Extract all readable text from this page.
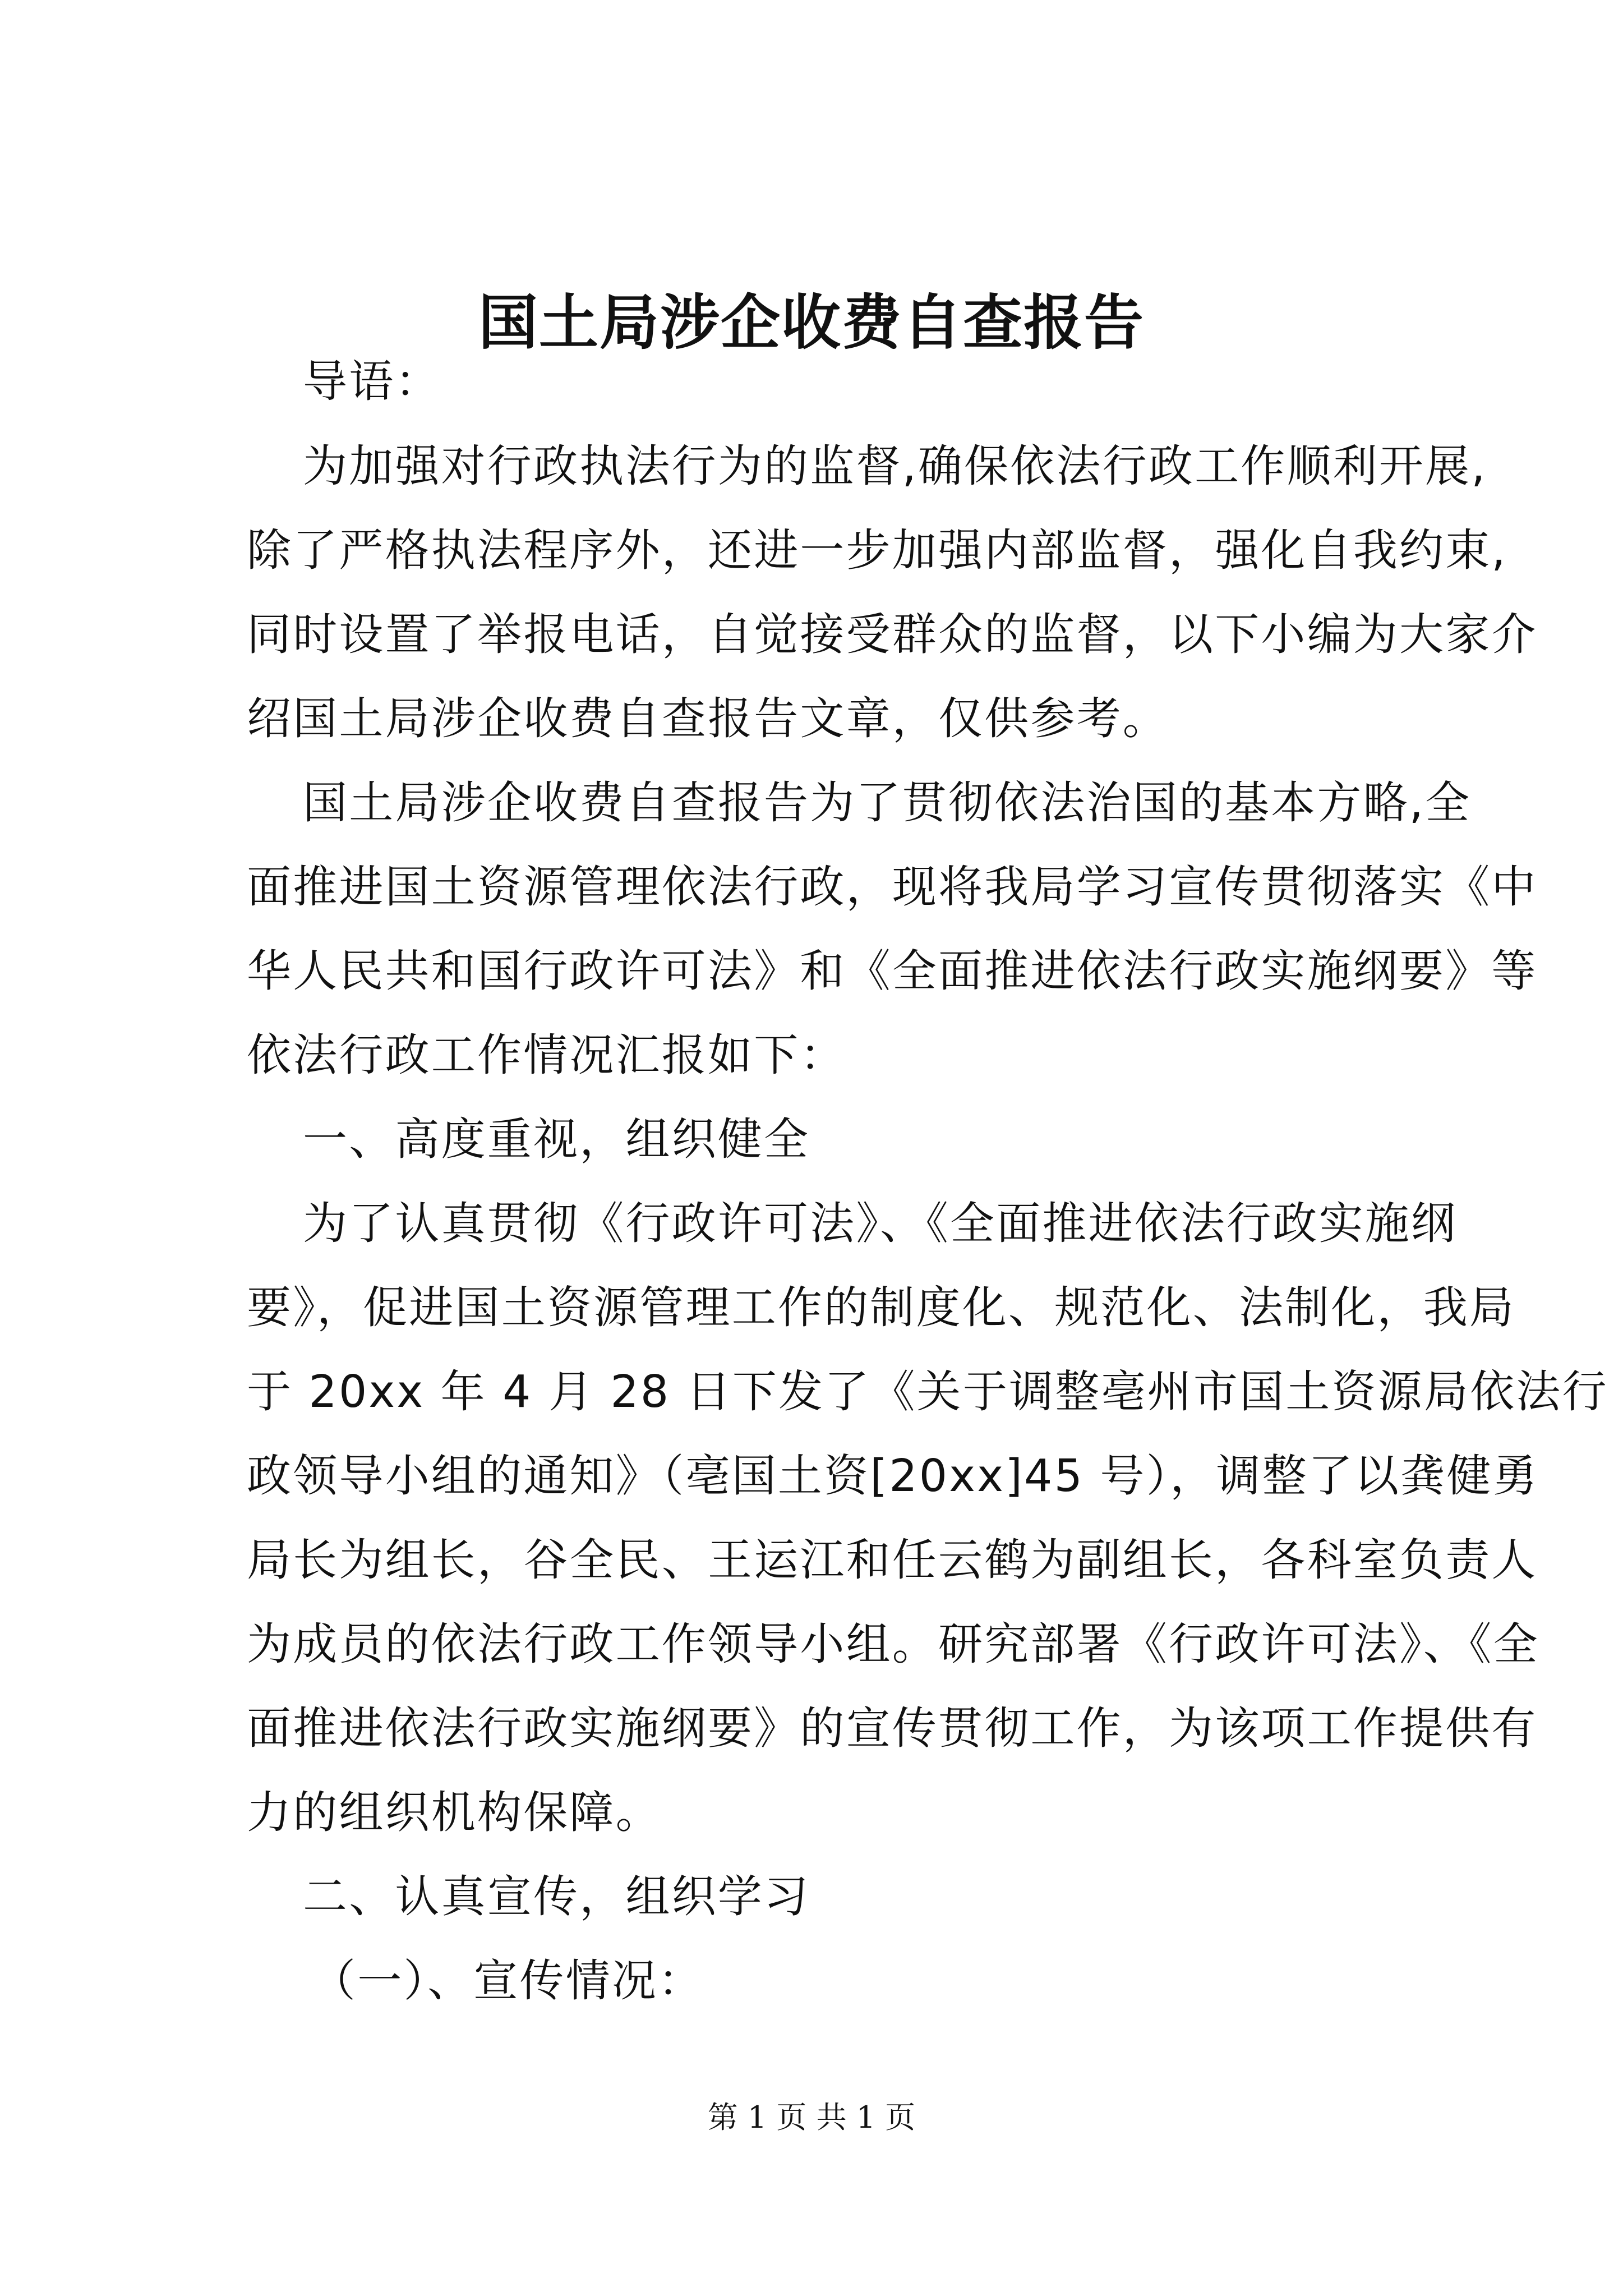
国土局涉企收费自查报告

导语：

为加强对行政执法行为的监督,确保依法行政工作顺利开展,

除了严格执法程序外，还进一步加强内部监督，强化自我约束,

同时设置了举报电话，自觉接受群众的监督，以下小编为大家介

绍国土局涉企收费自查报告文章，仅供参考。

国土局涉企收费自查报告为了贯彻依法治国的基本方略,全

面推进国土资源管理依法行政，现将我局学习宣传贯彻落实《中

华人民共和国行政许可法》和《全面推进依法行政实施纲要》等

依法行政工作情况汇报如下：

一、高度重视，组织健全

为了认真贯彻《行政许可法》、《全面推进依法行政实施纲

要》，促进国土资源管理工作的制度化、规范化、法制化，我局

于 20xx 年 4 月 28 日下发了《关于调整亳州市国土资源局依法行

政领导小组的通知》（亳国土资[20xx]45 号），调整了以龚健勇

局长为组长，谷全民、王运江和任云鹤为副组长，各科室负责人

为成员的依法行政工作领导小组。研究部署《行政许可法》、《全

面推进依法行政实施纲要》的宣传贯彻工作，为该项工作提供有

力的组织机构保障。

二、认真宣传，组织学习

（一）、宣传情况：

第 1 页 共 1 页
